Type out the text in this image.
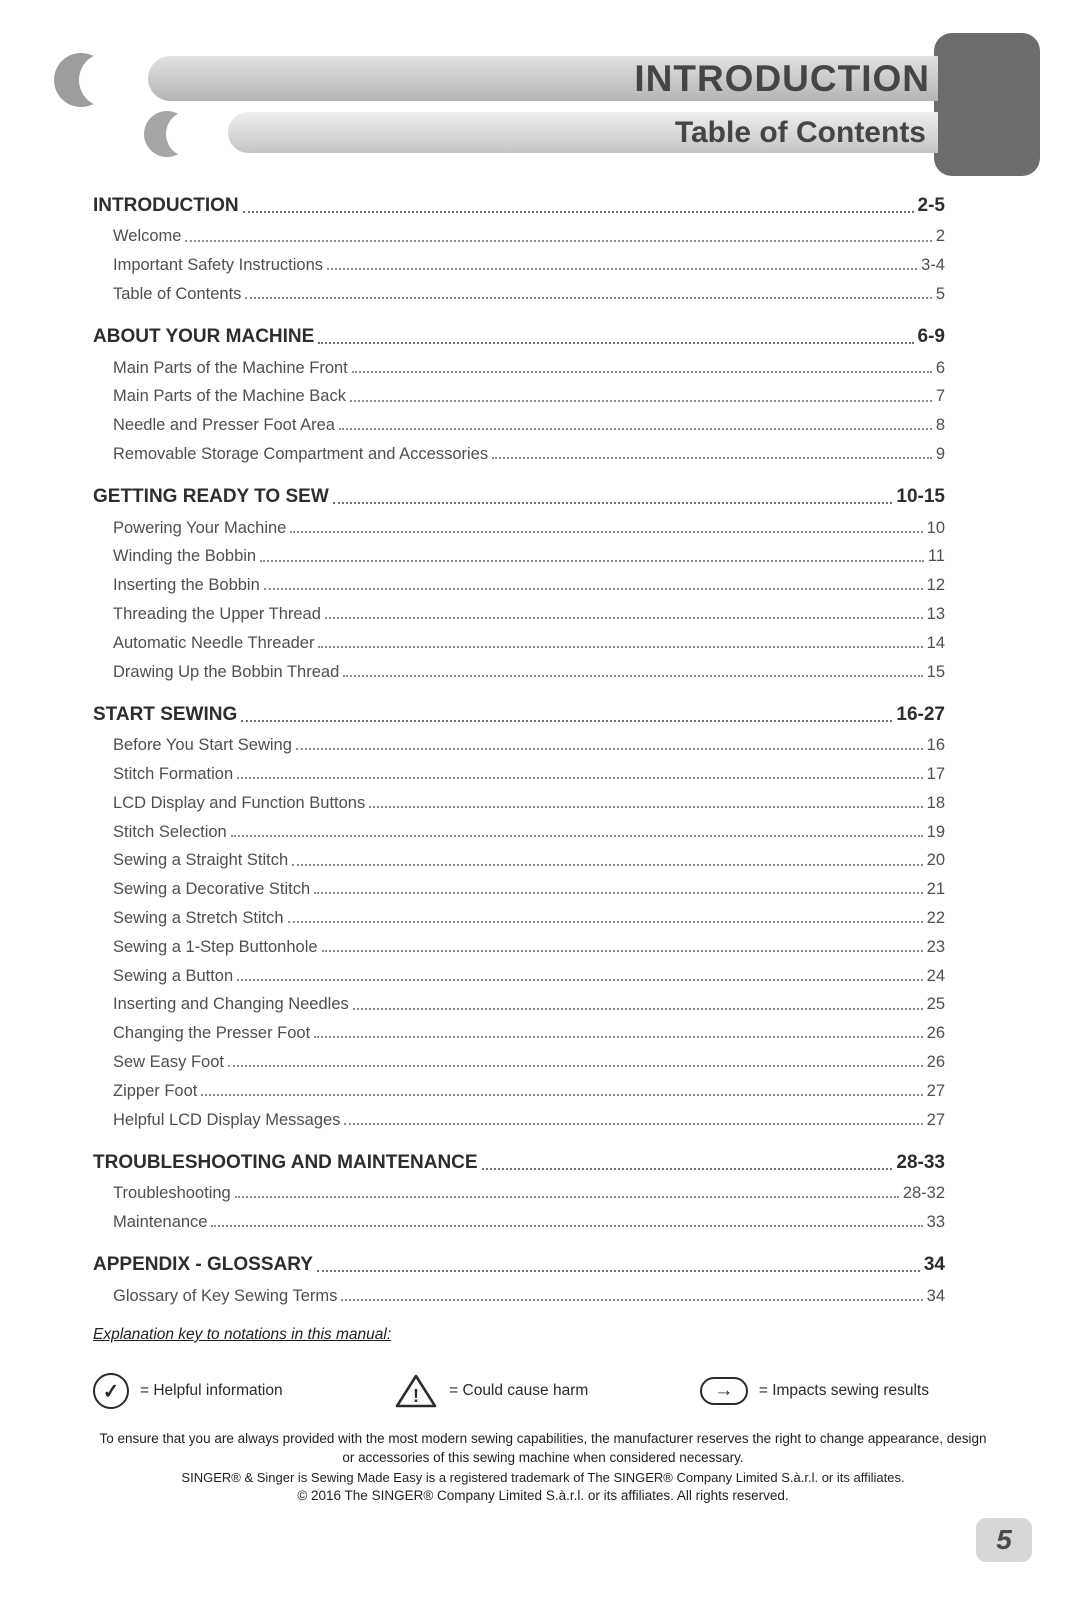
INTRODUCTION
Table of Contents
INTRODUCTION	2-5
Welcome	2
Important Safety Instructions	3-4
Table of Contents	5
ABOUT YOUR MACHINE	6-9
Main Parts of the Machine Front	6
Main Parts of the Machine Back	7
Needle and Presser Foot Area	8
Removable Storage Compartment and Accessories	9
GETTING READY TO SEW	10-15
Powering Your Machine	10
Winding the Bobbin	11
Inserting the Bobbin	12
Threading the Upper Thread	13
Automatic Needle Threader	14
Drawing Up the Bobbin Thread	15
START SEWING	16-27
Before You Start Sewing	16
Stitch Formation	17
LCD Display and Function Buttons	18
Stitch Selection	19
Sewing a Straight Stitch	20
Sewing a Decorative Stitch	21
Sewing a Stretch Stitch	22
Sewing a 1-Step Buttonhole	23
Sewing a Button	24
Inserting and Changing Needles	25
Changing the Presser Foot	26
Sew Easy Foot	26
Zipper Foot	27
Helpful LCD Display Messages	27
TROUBLESHOOTING AND MAINTENANCE	28-33
Troubleshooting	28-32
Maintenance	33
APPENDIX - GLOSSARY	34
Glossary of Key Sewing Terms	34
Explanation key to notations in this manual:
✓	= Helpful information	! = Could cause harm	→	= Impacts sewing results
To ensure that you are always provided with the most modern sewing capabilities, the manufacturer reserves the right to change appearance, design or accessories of this sewing machine when considered necessary.
SINGER® & Singer is Sewing Made Easy is a registered trademark of The SINGER® Company Limited S.à.r.l. or its affiliates.
© 2016 The SINGER® Company Limited S.à.r.l. or its affiliates. All rights reserved.
5
